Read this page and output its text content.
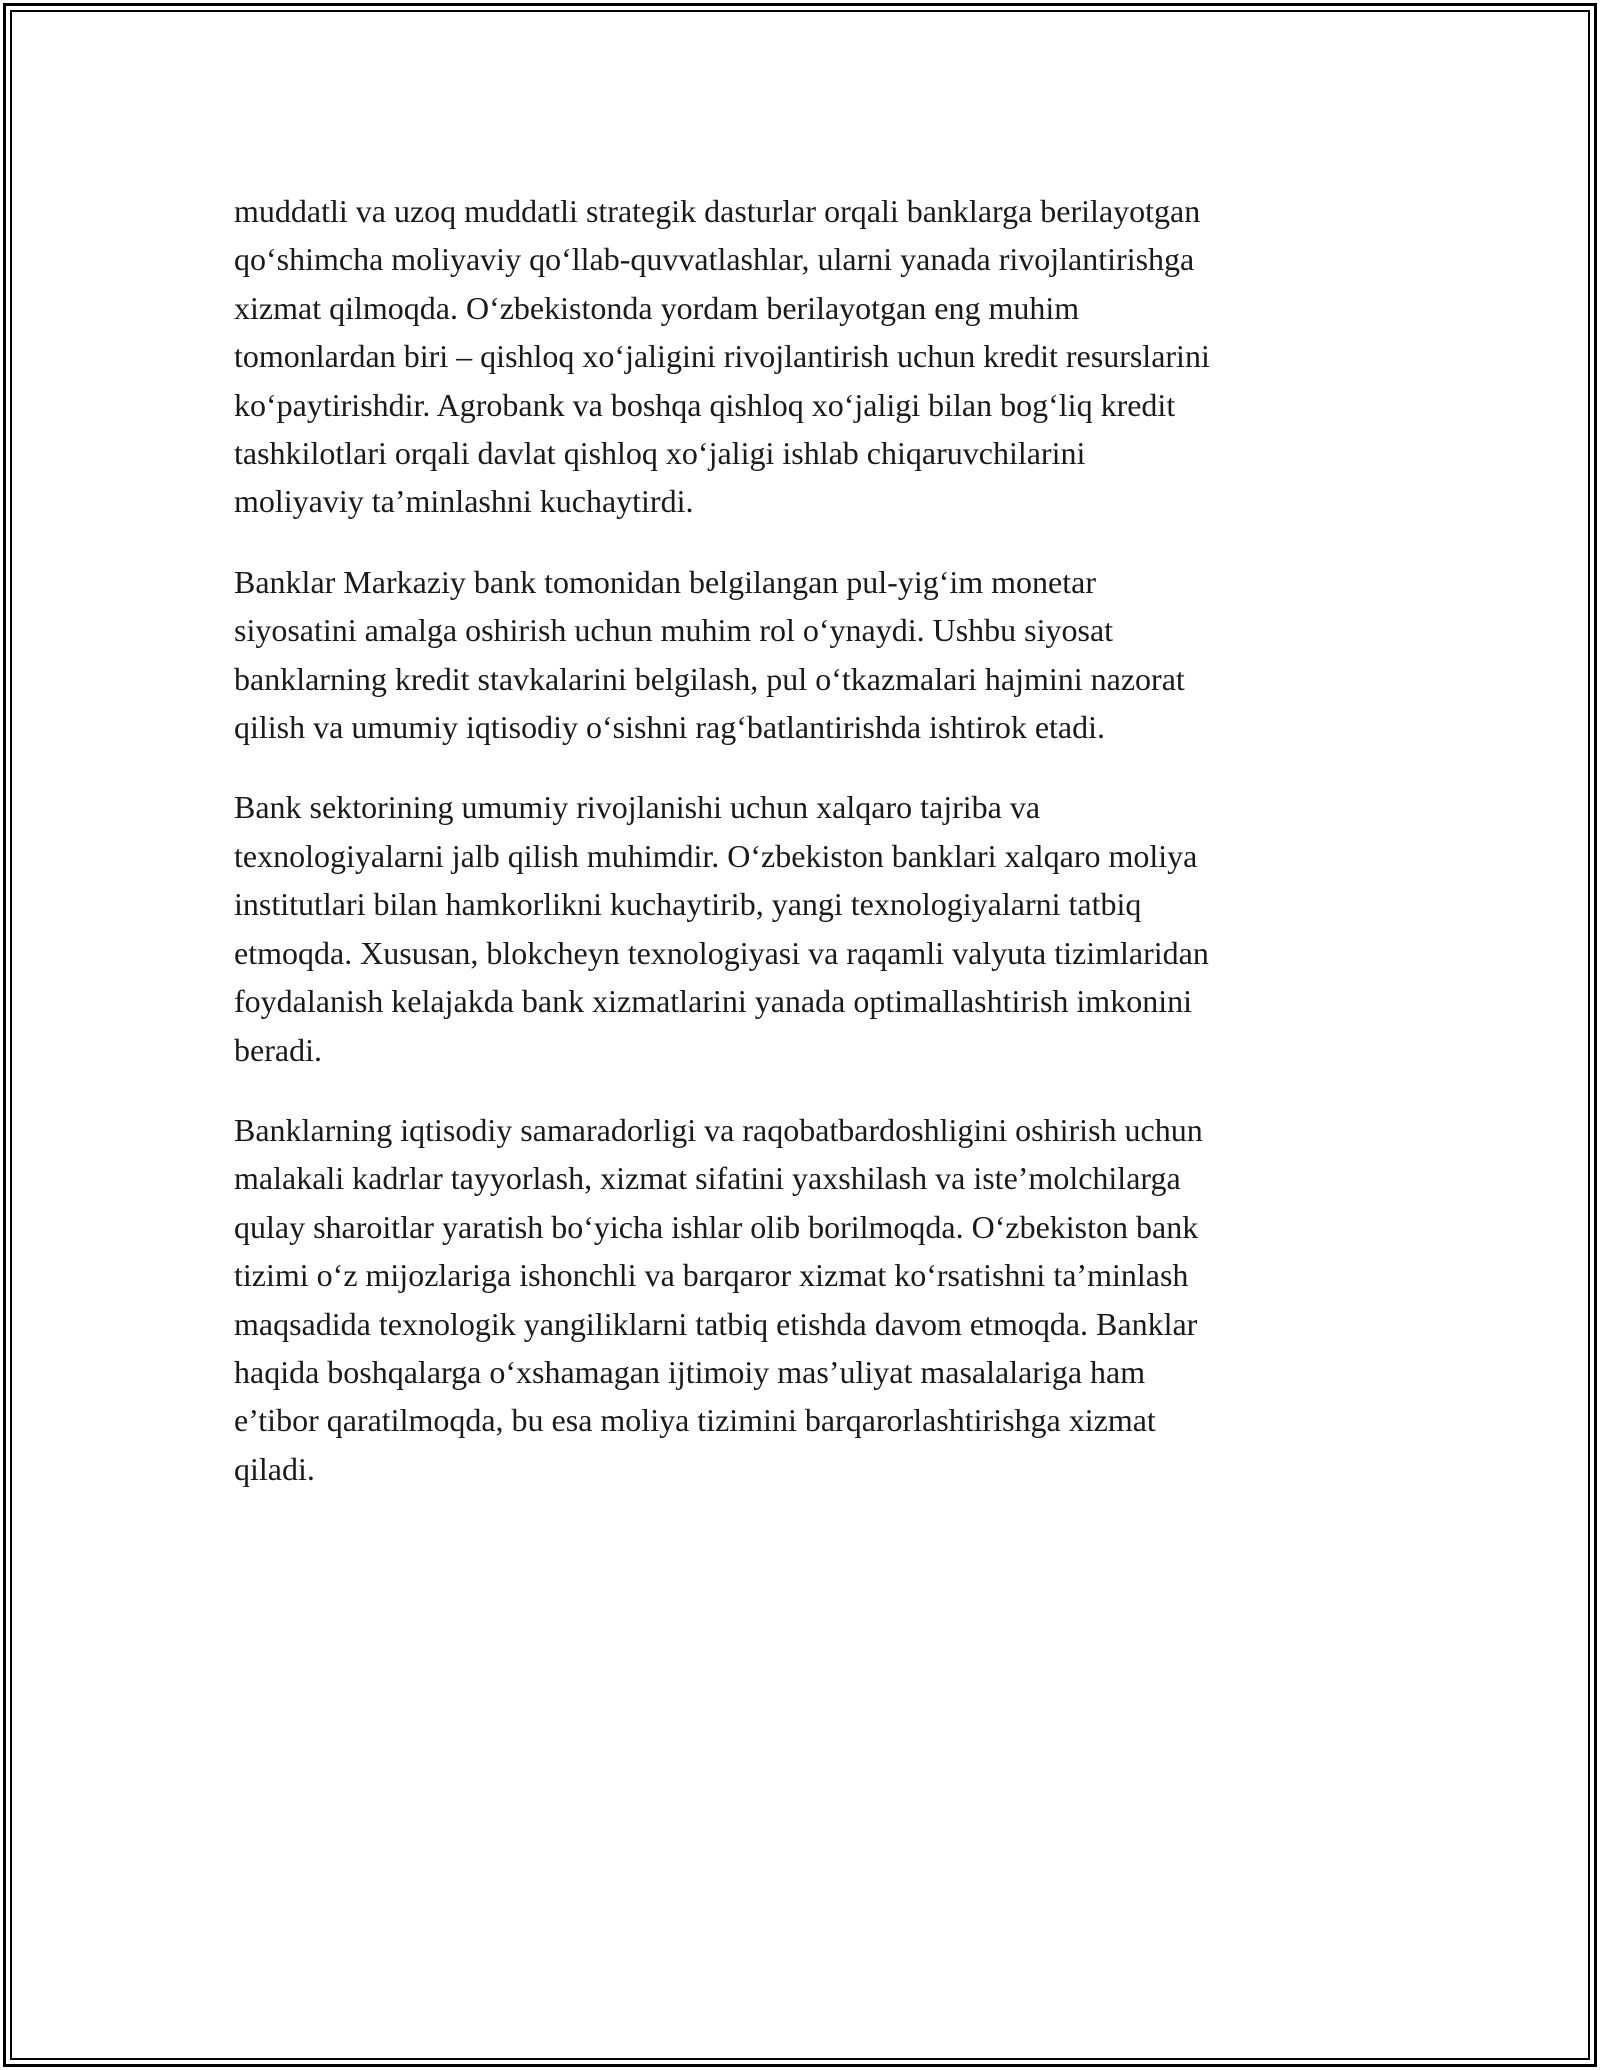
muddatli va uzoq muddatli strategik dasturlar orqali banklarga berilayotgan
qo‘shimcha moliyaviy qo‘llab-quvvatlashlar, ularni yanada rivojlantirishga
xizmat qilmoqda. O‘zbekistonda yordam berilayotgan eng muhim
tomonlardan biri – qishloq xo‘jaligini rivojlantirish uchun kredit resurslarini
ko‘paytirishdir. Agrobank va boshqa qishloq xo‘jaligi bilan bog‘liq kredit
tashkilotlari orqali davlat qishloq xo‘jaligi ishlab chiqaruvchilarini
moliyaviy ta’minlashni kuchaytirdi.

Banklar Markaziy bank tomonidan belgilangan pul-yig‘im monetar
siyosatini amalga oshirish uchun muhim rol o‘ynaydi. Ushbu siyosat
banklarning kredit stavkalarini belgilash, pul o‘tkazmalari hajmini nazorat
qilish va umumiy iqtisodiy o‘sishni rag‘batlantirishda ishtirok etadi.

Bank sektorining umumiy rivojlanishi uchun xalqaro tajriba va
texnologiyalarni jalb qilish muhimdir. O‘zbekiston banklari xalqaro moliya
institutlari bilan hamkorlikni kuchaytirib, yangi texnologiyalarni tatbiq
etmoqda. Xususan, blokcheyn texnologiyasi va raqamli valyuta tizimlaridan
foydalanish kelajakda bank xizmatlarini yanada optimallashtirish imkonini
beradi.

Banklarning iqtisodiy samaradorligi va raqobatbardoshligini oshirish uchun
malakali kadrlar tayyorlash, xizmat sifatini yaxshilash va iste’molchilarga
qulay sharoitlar yaratish bo‘yicha ishlar olib borilmoqda. O‘zbekiston bank
tizimi o‘z mijozlariga ishonchli va barqaror xizmat ko‘rsatishni ta’minlash
maqsadida texnologik yangiliklarni tatbiq etishda davom etmoqda. Banklar
haqida boshqalarga o‘xshamagan ijtimoiy mas’uliyat masalalariga ham
e’tibor qaratilmoqda, bu esa moliya tizimini barqarorlashtirishga xizmat
qiladi.
